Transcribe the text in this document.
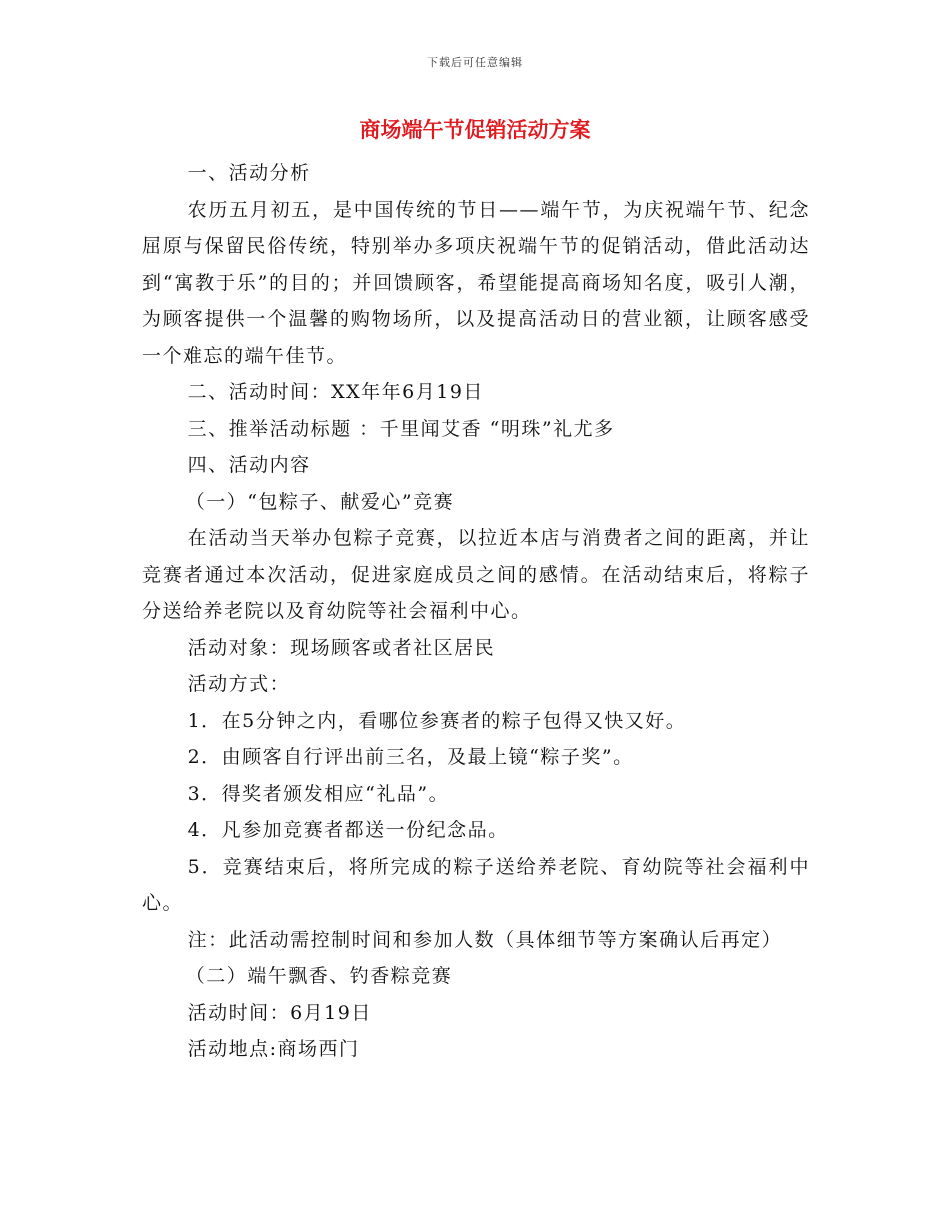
下载后可任意编辑
商场端午节促销活动方案

一、活动分析

农历五月初五，是中国传统的节日——端午节，为庆祝端午节、纪念屈原与保留民俗传统，特别举办多项庆祝端午节的促销活动，借此活动达到“寓教于乐”的目的；并回馈顾客，希望能提高商场知名度，吸引人潮，为顾客提供一个温馨的购物场所，以及提高活动日的营业额，让顾客感受一个难忘的端午佳节。

二、活动时间：XX年年6月19日

三、推举活动标题 ：千里闻艾香 “明珠”礼尤多

四、活动内容

（一）“包粽子、献爱心”竞赛

在活动当天举办包粽子竞赛，以拉近本店与消费者之间的距离，并让竞赛者通过本次活动，促进家庭成员之间的感情。在活动结束后，将粽子分送给养老院以及育幼院等社会福利中心。

活动对象：现场顾客或者社区居民

活动方式：

1．在5分钟之内，看哪位参赛者的粽子包得又快又好。

2．由顾客自行评出前三名，及最上镜“粽子奖”。

3．得奖者颁发相应“礼品”。

4．凡参加竞赛者都送一份纪念品。

5．竞赛结束后，将所完成的粽子送给养老院、育幼院等社会福利中心。

注：此活动需控制时间和参加人数（具体细节等方案确认后再定）

（二）端午飘香、钓香粽竞赛

活动时间：6月19日

活动地点:商场西门
